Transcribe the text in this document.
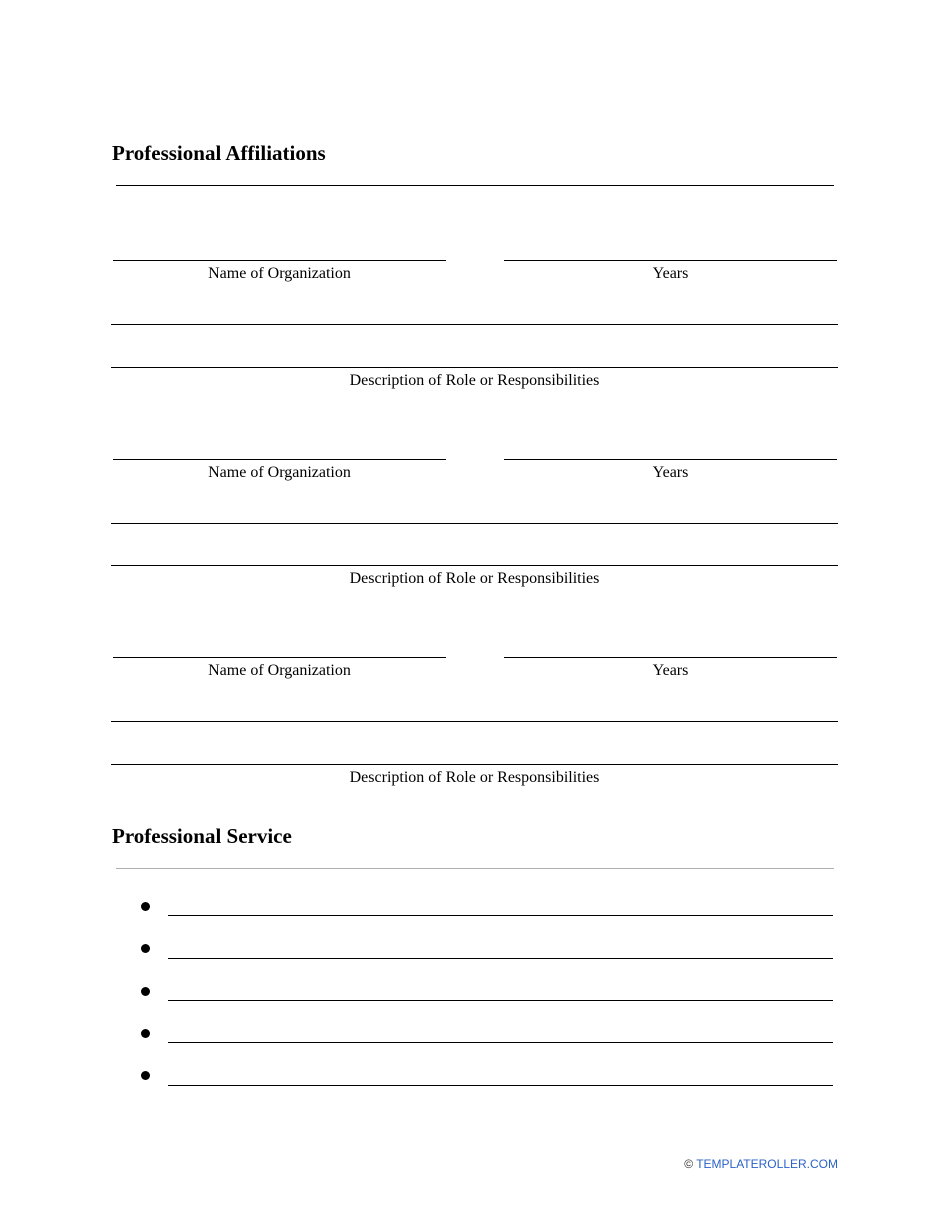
Professional Affiliations
Name of Organization	Years
Description of Role or Responsibilities
Name of Organization	Years
Description of Role or Responsibilities
Name of Organization	Years
Description of Role or Responsibilities
Professional Service
© TEMPLATEROLLER.COM
